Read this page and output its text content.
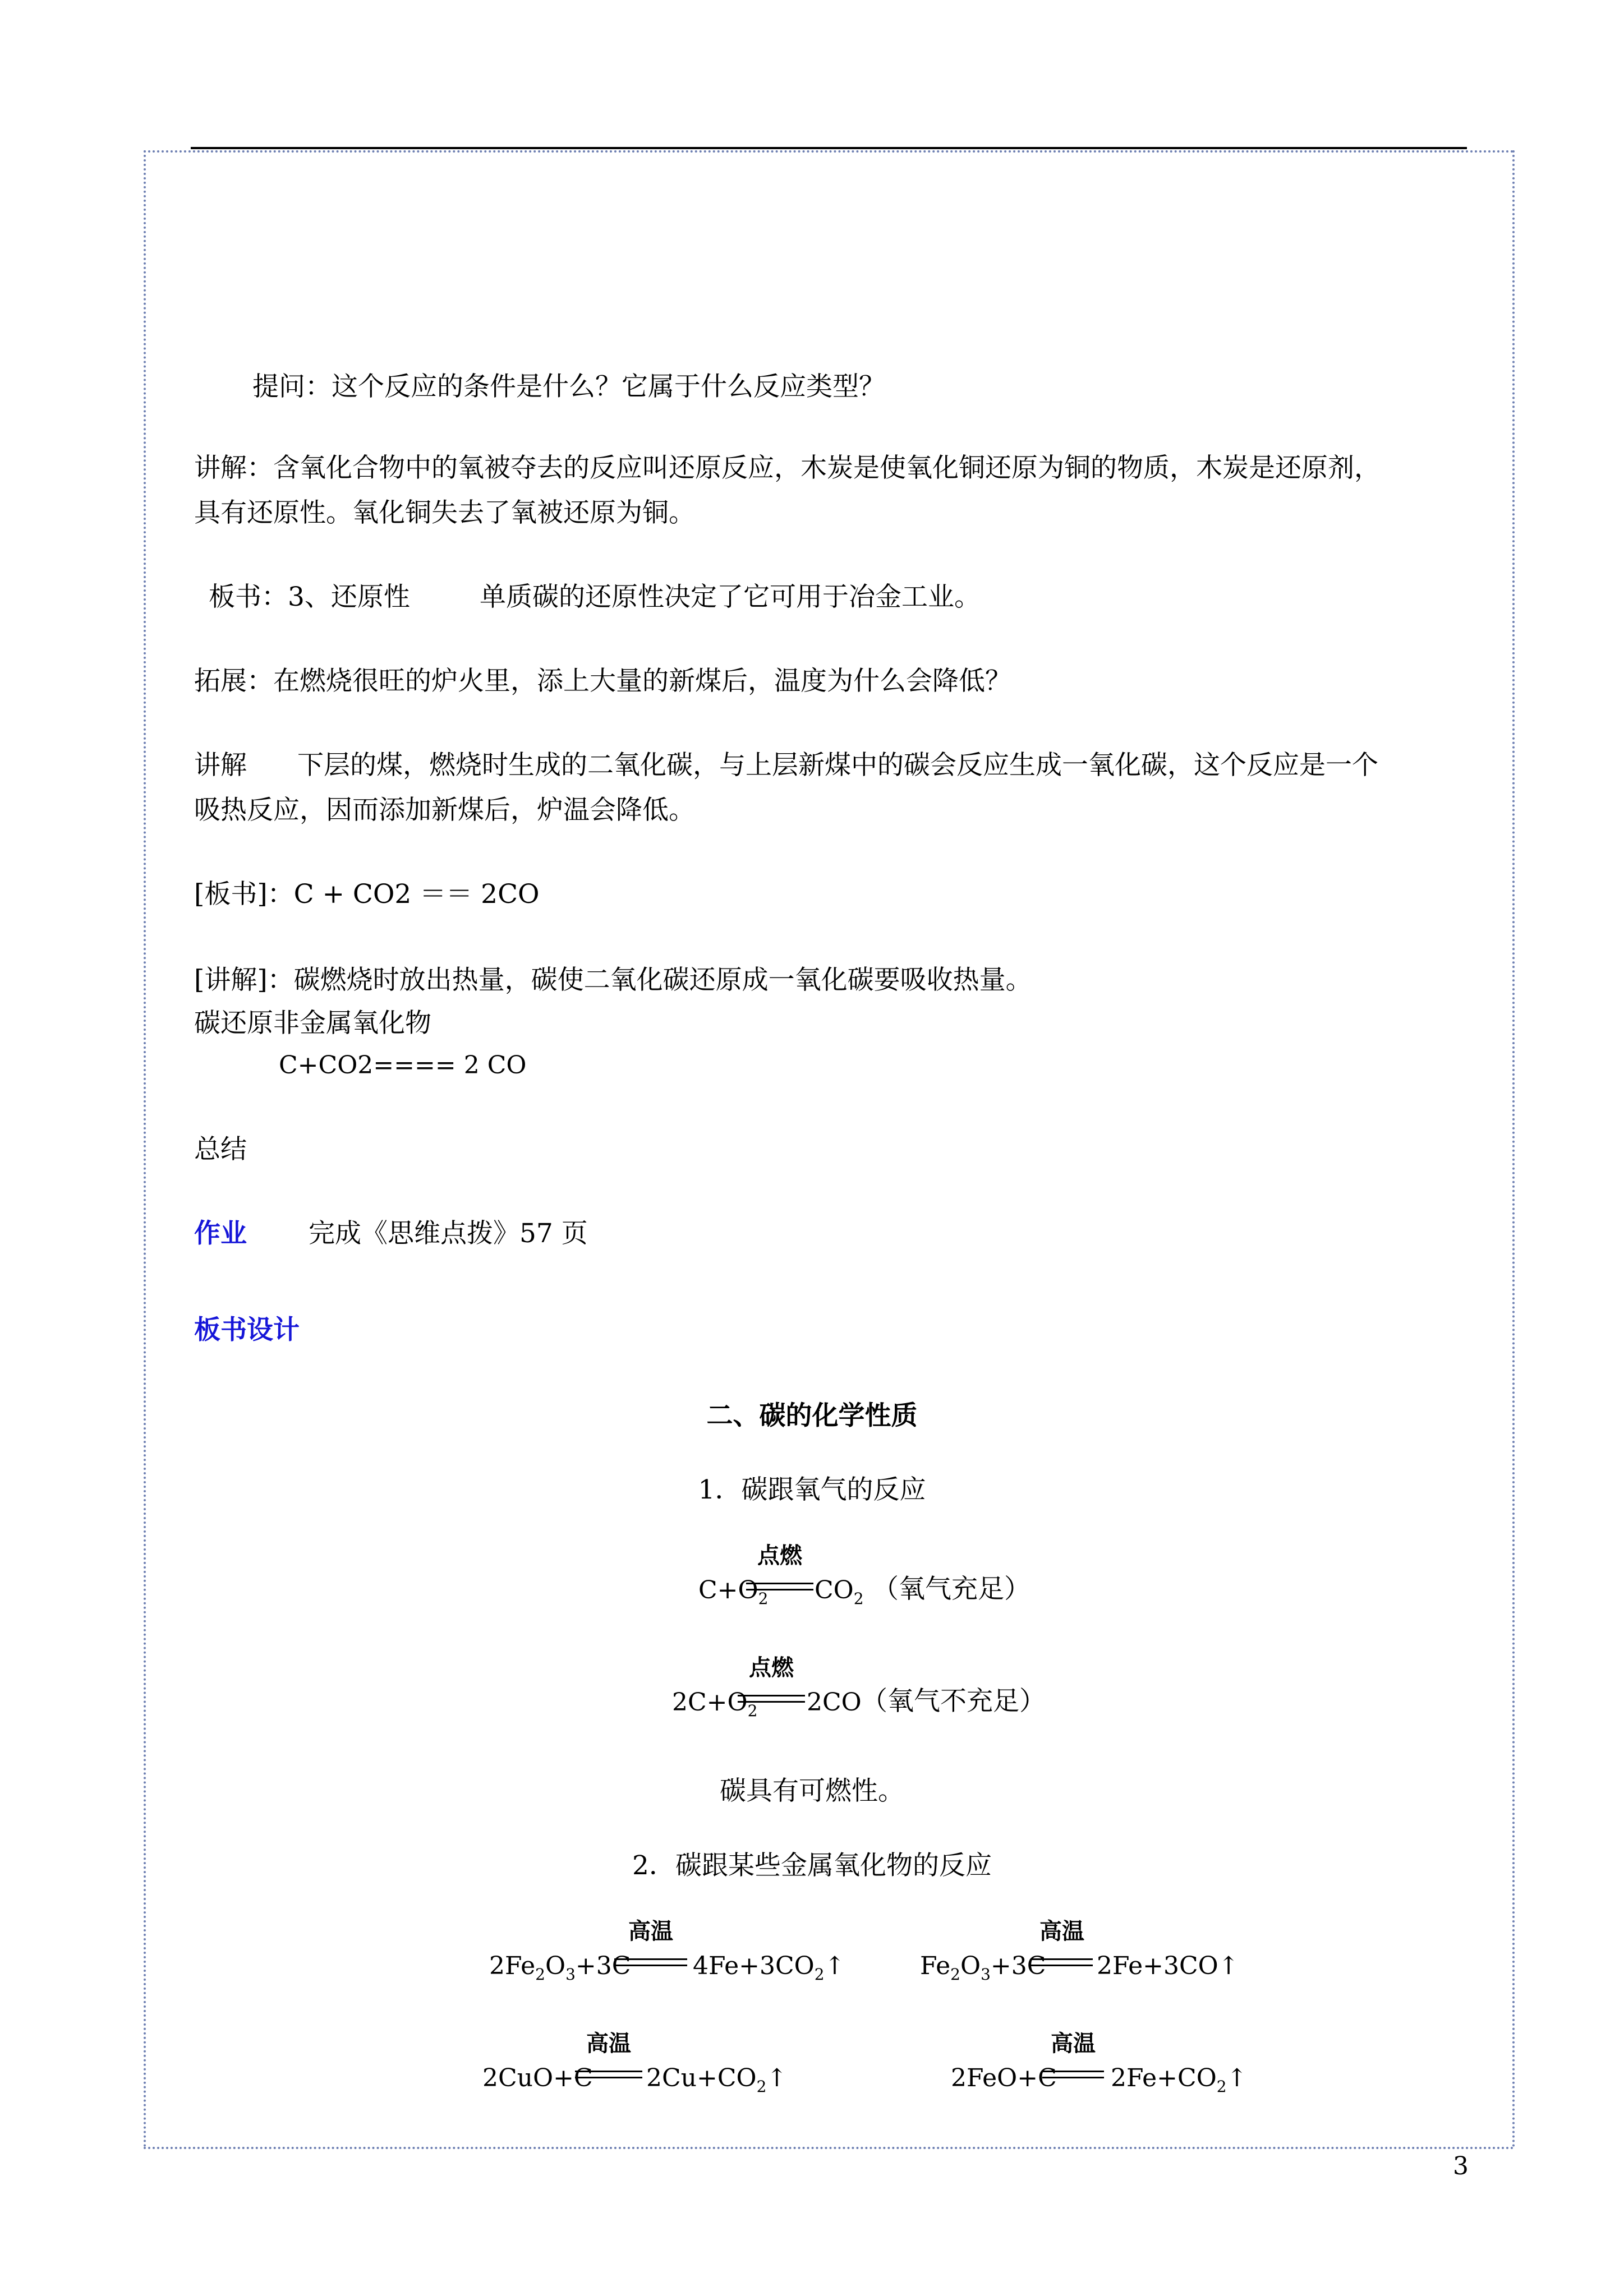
提问：这个反应的条件是什么？它属于什么反应类型？
讲解：含氧化合物中的氧被夺去的反应叫还原反应，木炭是使氧化铜还原为铜的物质，木炭是还原剂，
具有还原性。氧化铜失去了氧被还原为铜。
板书：3、还原性	单质碳的还原性决定了它可用于冶金工业。
拓展：在燃烧很旺的炉火里，添上大量的新煤后，温度为什么会降低？
讲解 下层的煤，燃烧时生成的二氧化碳，与上层新煤中的碳会反应生成一氧化碳，这个反应是一个
吸热反应，因而添加新煤后，炉温会降低。
[板书]：C + CO2 ＝＝ 2CO
[讲解]：碳燃烧时放出热量，碳使二氧化碳还原成一氧化碳要吸收热量。
碳还原非金属氧化物
C+CO2==== 2 CO
总结
作业 完成《思维点拨》57 页
板书设计
二、碳的化学性质
1．碳跟氧气的反应
$C+O_2$
点燃
$CO_2$ （氧气充足）
$2C+O_2$
点燃
2CO （氧气不充足）
碳具有可燃性。
2．碳跟某些金属氧化物的反应
$2Fe_2O_3+3C$
高温
$4Fe+3CO_2↑$	$Fe_2O_3+3C$
高温
2Fe+3CO↑
2CuO+C
高温
$2Cu+CO_2↑$	2FeO+C
高温
$2Fe+CO_2↑$
3
